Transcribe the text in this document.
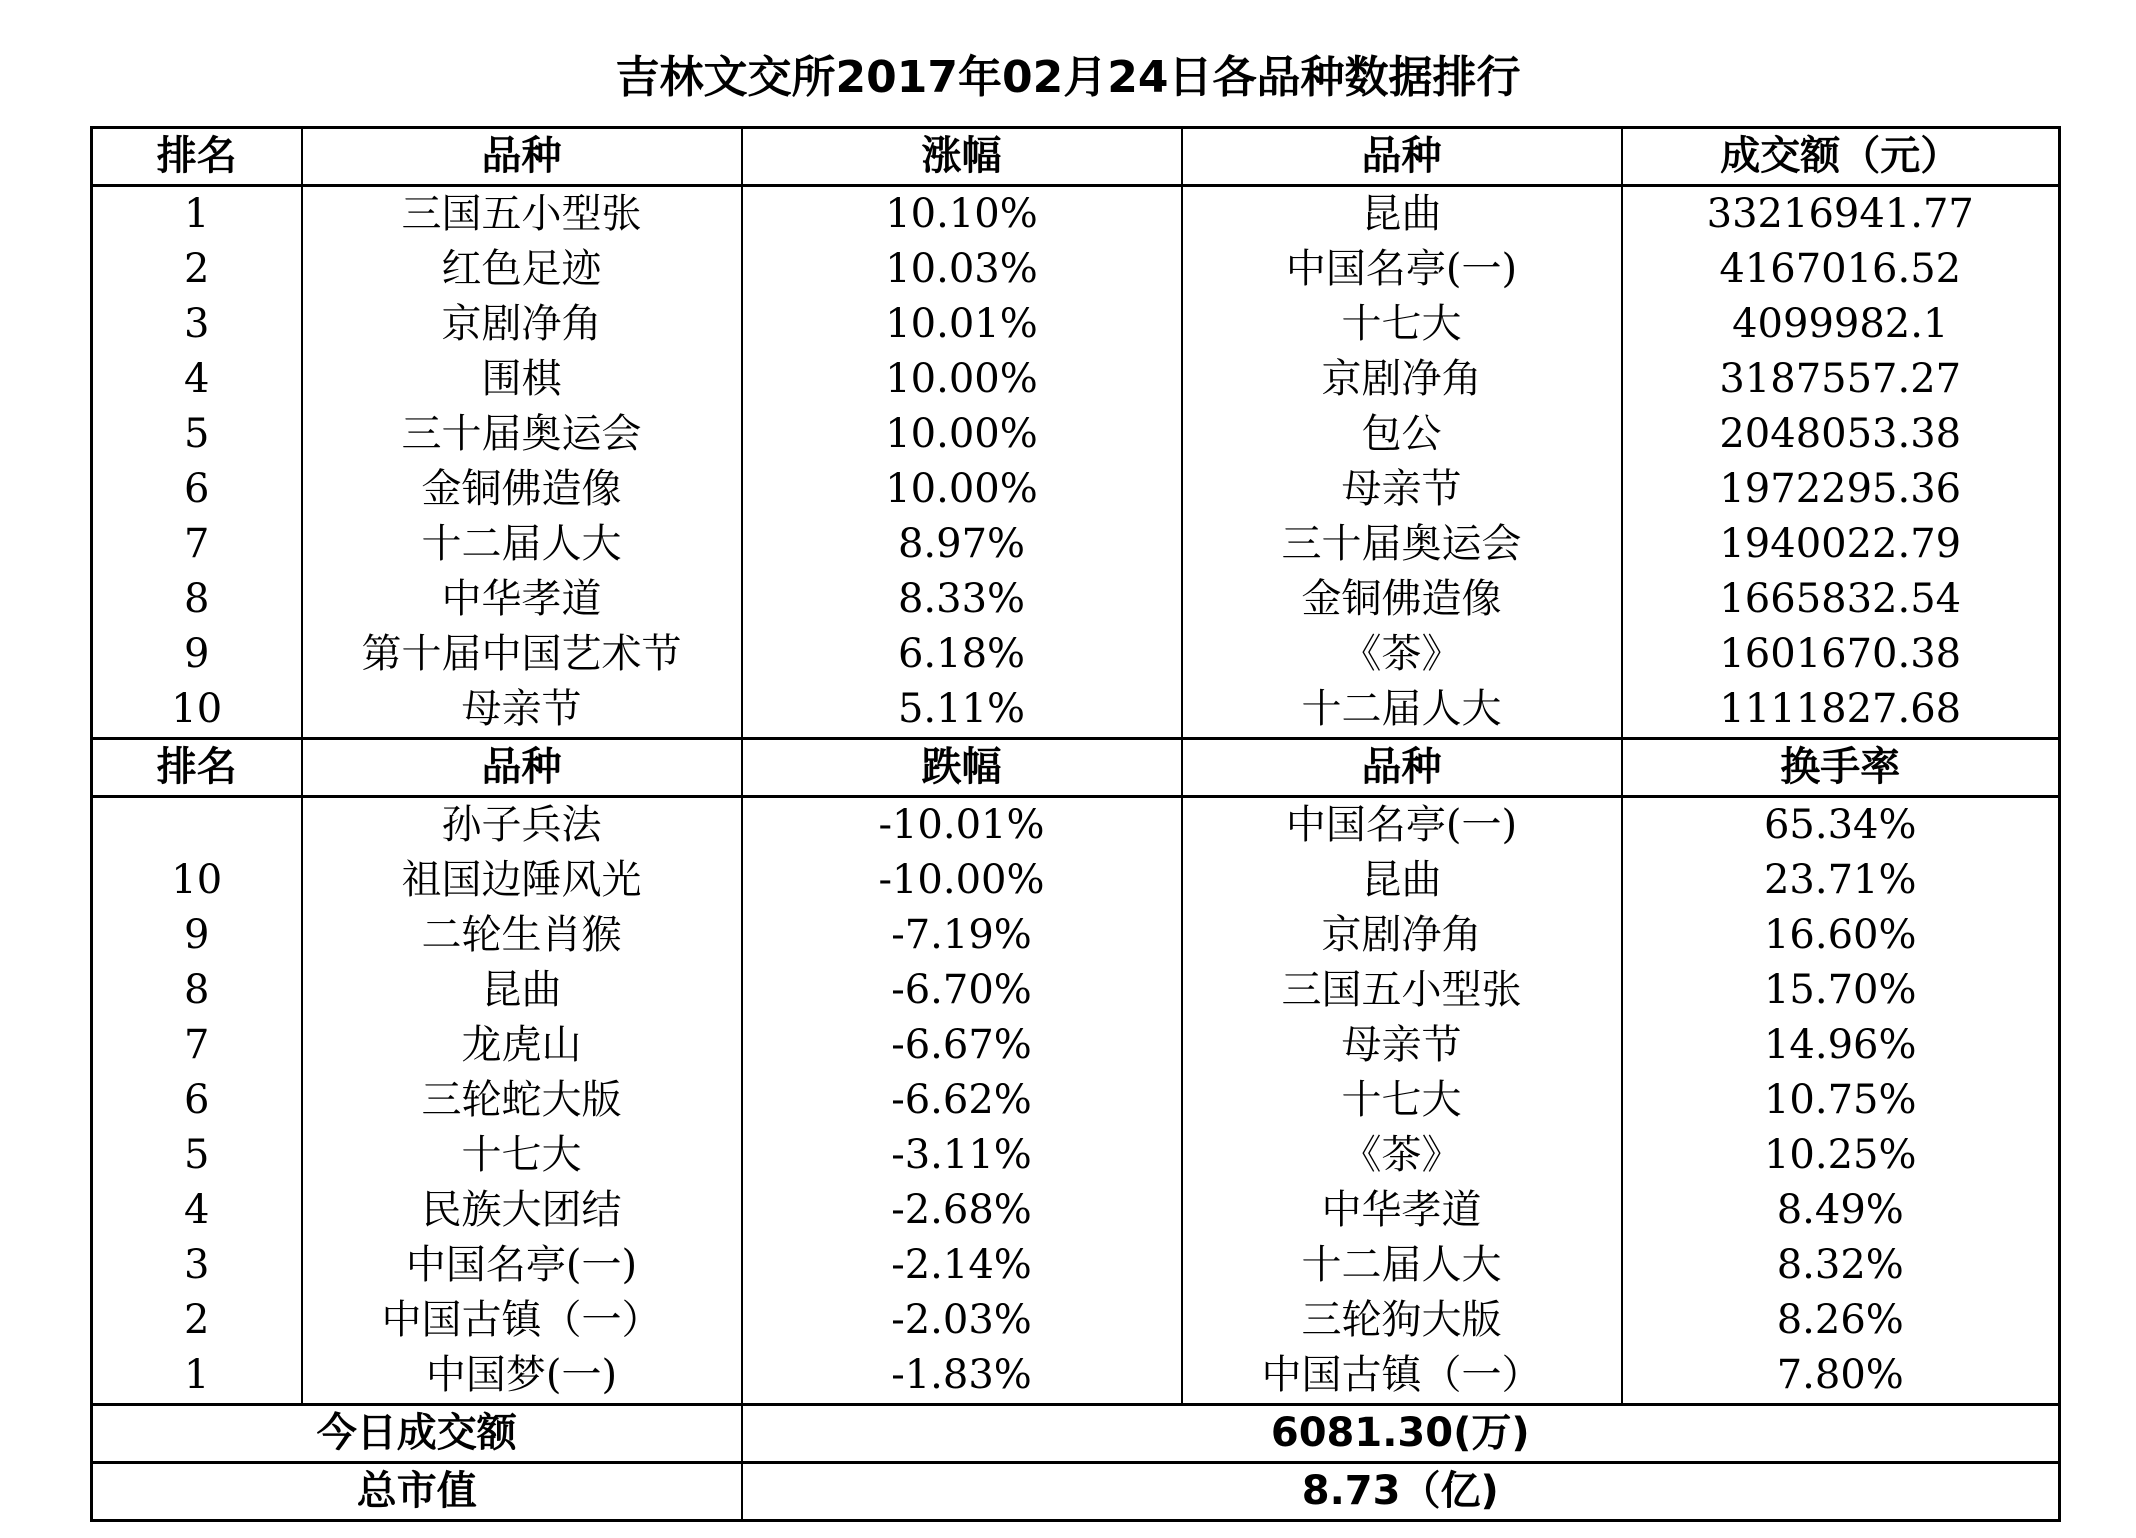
吉林文交所2017年02月24日各品种数据排行
排名	品种	涨幅	品种	成交额（元）
1	三国五小型张	10.10%	昆曲	33216941.77
2	红色足迹	10.03%	中国名亭(一)	4167016.52
3	京剧净角	10.01%	十七大	4099982.1
4	围棋	10.00%	京剧净角	3187557.27
5	三十届奥运会	10.00%	包公	2048053.38
6	金铜佛造像	10.00%	母亲节	1972295.36
7	十二届人大	8.97%	三十届奥运会	1940022.79
8	中华孝道	8.33%	金铜佛造像	1665832.54
9	第十届中国艺术节	6.18%	《茶》	1601670.38
10	母亲节	5.11%	十二届人大	1111827.68
排名	品种	跌幅	品种	换手率
	孙子兵法	-10.01%	中国名亭(一)	65.34%
10	祖国边陲风光	-10.00%	昆曲	23.71%
9	二轮生肖猴	-7.19%	京剧净角	16.60%
8	昆曲	-6.70%	三国五小型张	15.70%
7	龙虎山	-6.67%	母亲节	14.96%
6	三轮蛇大版	-6.62%	十七大	10.75%
5	十七大	-3.11%	《茶》	10.25%
4	民族大团结	-2.68%	中华孝道	8.49%
3	中国名亭(一)	-2.14%	十二届人大	8.32%
2	中国古镇（一）	-2.03%	三轮狗大版	8.26%
1	中国梦(一)	-1.83%	中国古镇（一）	7.80%
今日成交额		6081.30(万)		
总市值		8.73（亿)		
